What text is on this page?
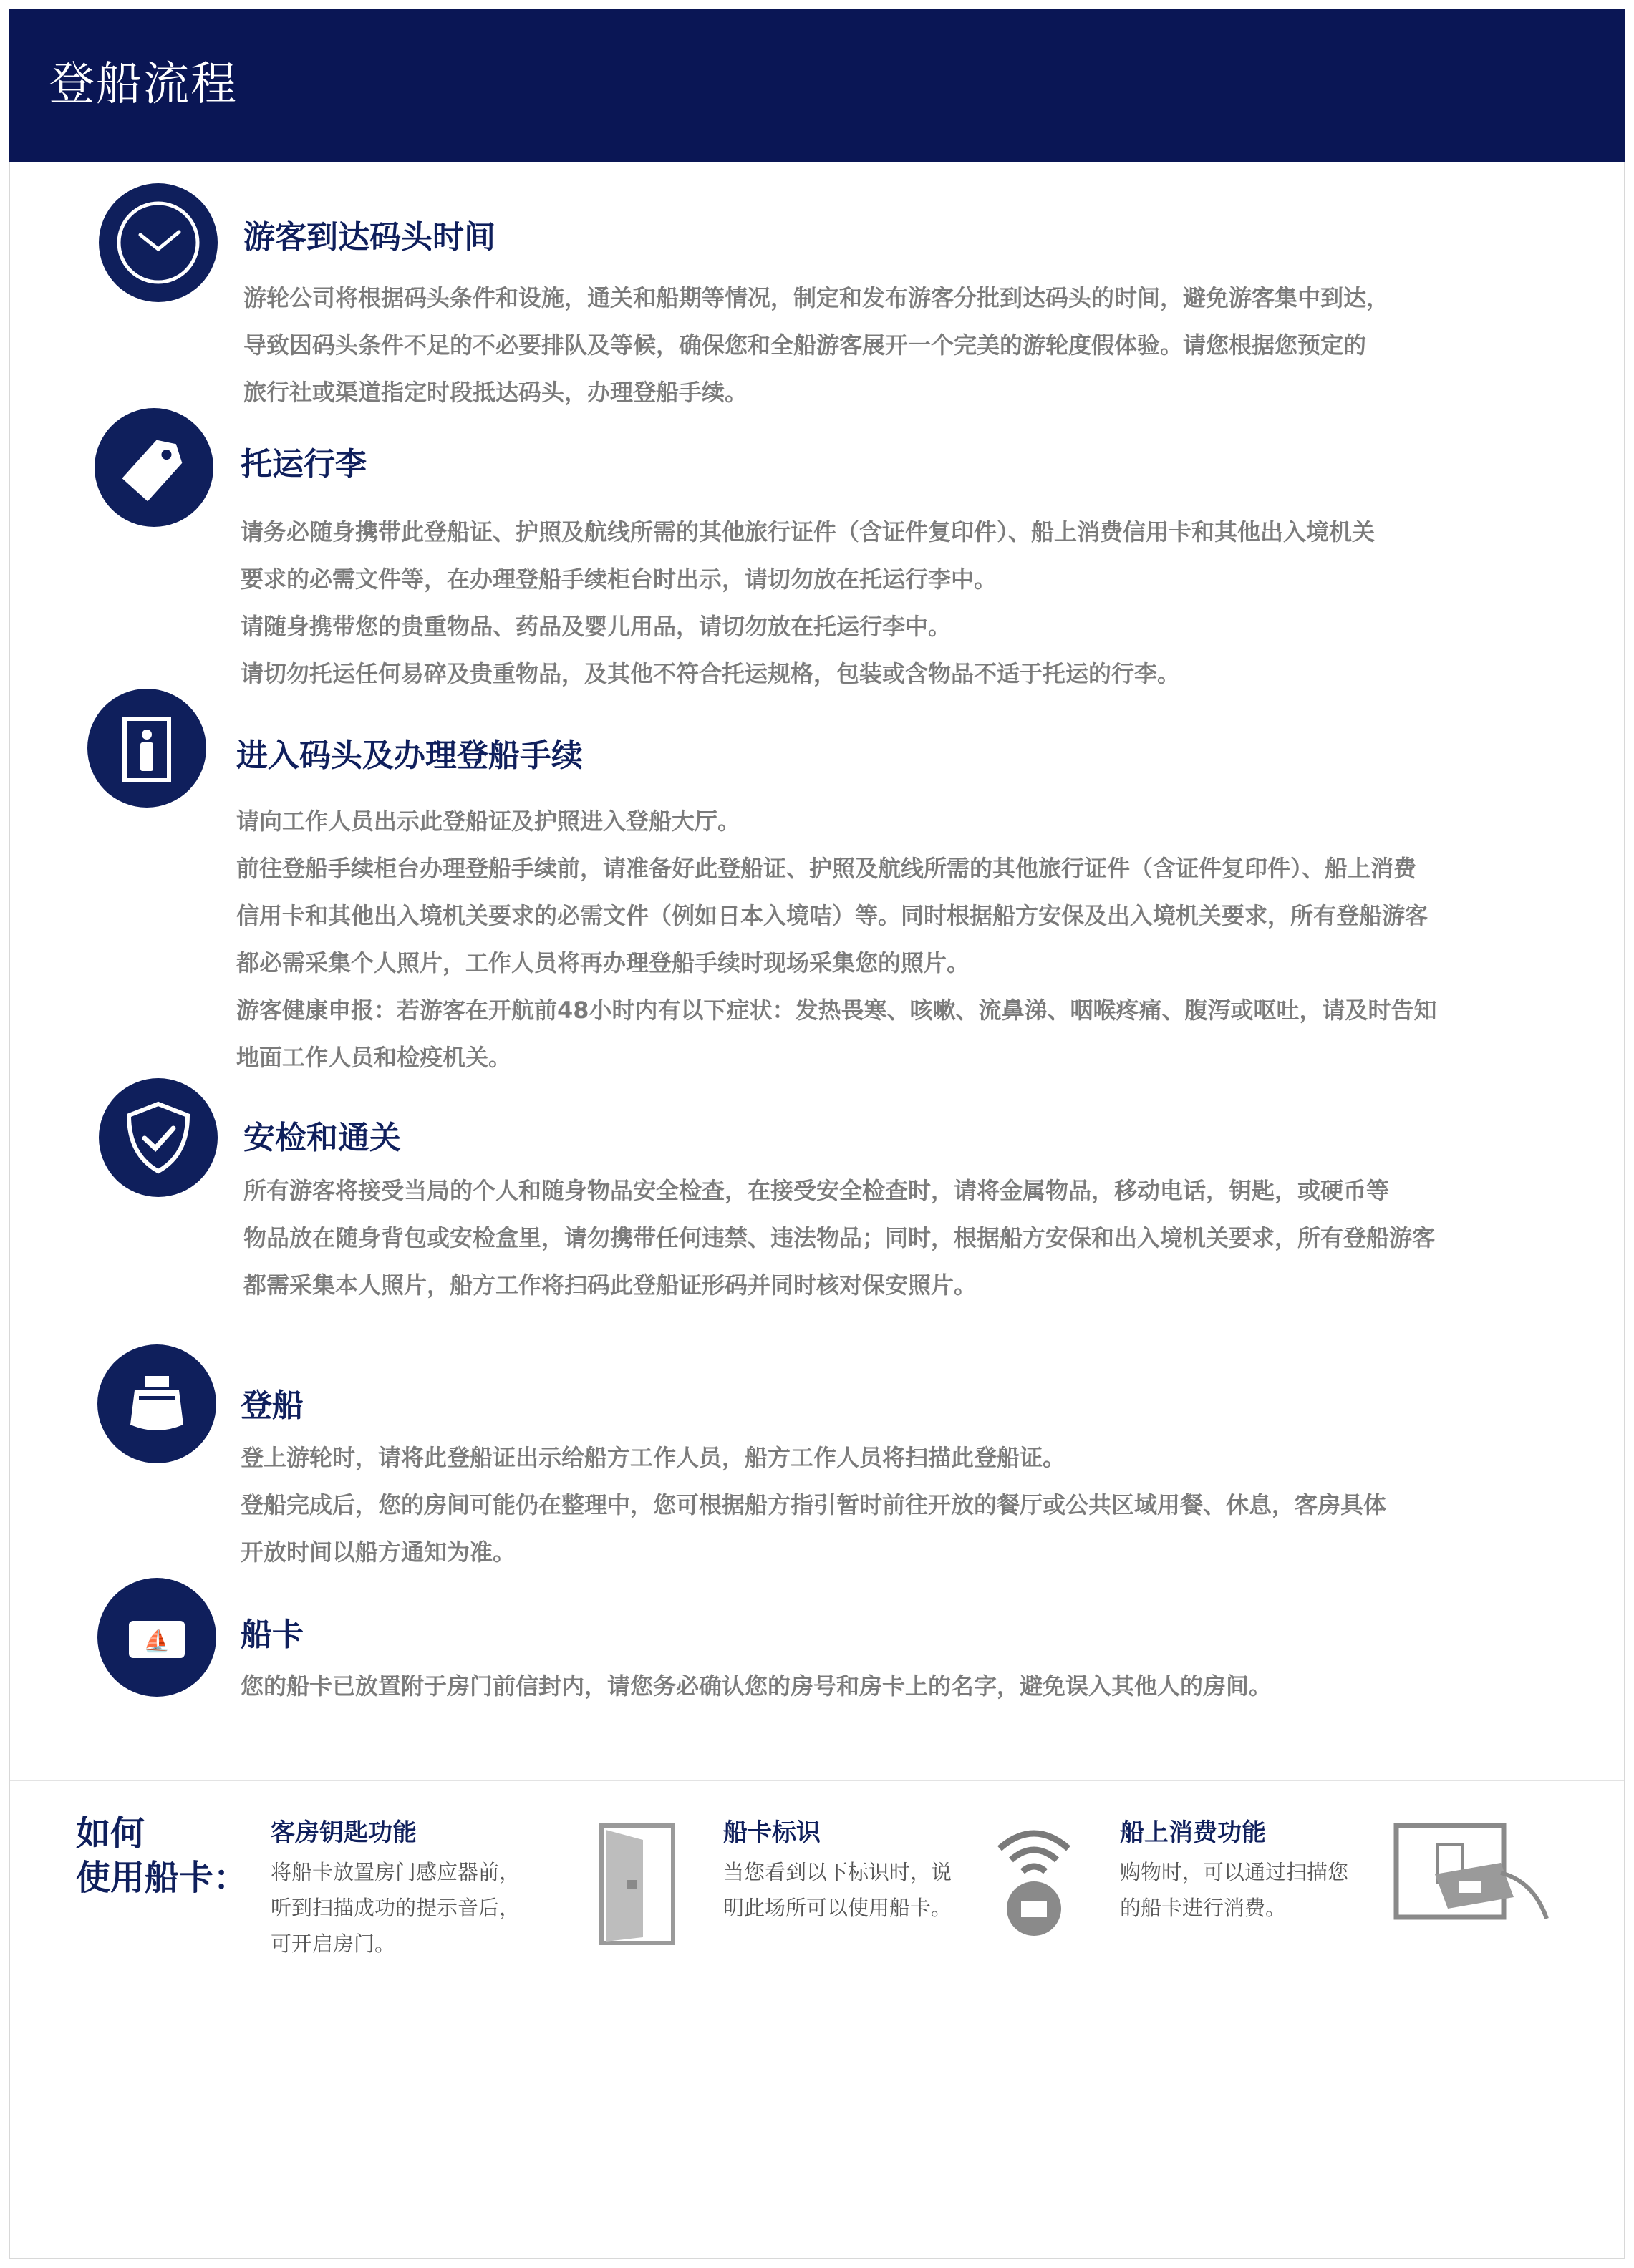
登船流程
游客到达码头时间

游轮公司将根据码头条件和设施，通关和船期等情况，制定和发布游客分批到达码头的时间，避免游客集中到达，

导致因码头条件不足的不必要排队及等候，确保您和全船游客展开一个完美的游轮度假体验。请您根据您预定的

旅行社或渠道指定时段抵达码头，办理登船手续。

托运行李

请务必随身携带此登船证、护照及航线所需的其他旅行证件（含证件复印件）、船上消费信用卡和其他出入境机关

要求的必需文件等，在办理登船手续柜台时出示，请切勿放在托运行李中。

请随身携带您的贵重物品、药品及婴儿用品，请切勿放在托运行李中。

请切勿托运任何易碎及贵重物品，及其他不符合托运规格，包装或含物品不适于托运的行李。

进入码头及办理登船手续

请向工作人员出示此登船证及护照进入登船大厅。

前往登船手续柜台办理登船手续前，请准备好此登船证、护照及航线所需的其他旅行证件（含证件复印件）、船上消费

信用卡和其他出入境机关要求的必需文件（例如日本入境咭）等。同时根据船方安保及出入境机关要求，所有登船游客

都必需采集个人照片，工作人员将再办理登船手续时现场采集您的照片。

游客健康申报：若游客在开航前48小时内有以下症状：发热畏寒、咳嗽、流鼻涕、咽喉疼痛、腹泻或呕吐，请及时告知

地面工作人员和检疫机关。

安检和通关

所有游客将接受当局的个人和随身物品安全检查，在接受安全检查时，请将金属物品，移动电话，钥匙，或硬币等

物品放在随身背包或安检盒里，请勿携带任何违禁、违法物品；同时，根据船方安保和出入境机关要求，所有登船游客

都需采集本人照片，船方工作将扫码此登船证形码并同时核对保安照片。

登船

登上游轮时，请将此登船证出示给船方工作人员，船方工作人员将扫描此登船证。

登船完成后，您的房间可能仍在整理中，您可根据船方指引暂时前往开放的餐厅或公共区域用餐、休息，客房具体

开放时间以船方通知为准。

⛵ 船卡

您的船卡已放置附于房门前信封内，请您务必确认您的房号和房卡上的名字，避免误入其他人的房间。

如何
使用船卡：
客房钥匙功能

将船卡放置房门感应器前，

听到扫描成功的提示音后，

可开启房门。

船卡标识

当您看到以下标识时，说

明此场所可以使用船卡。

船上消费功能

购物时，可以通过扫描您

的船卡进行消费。
